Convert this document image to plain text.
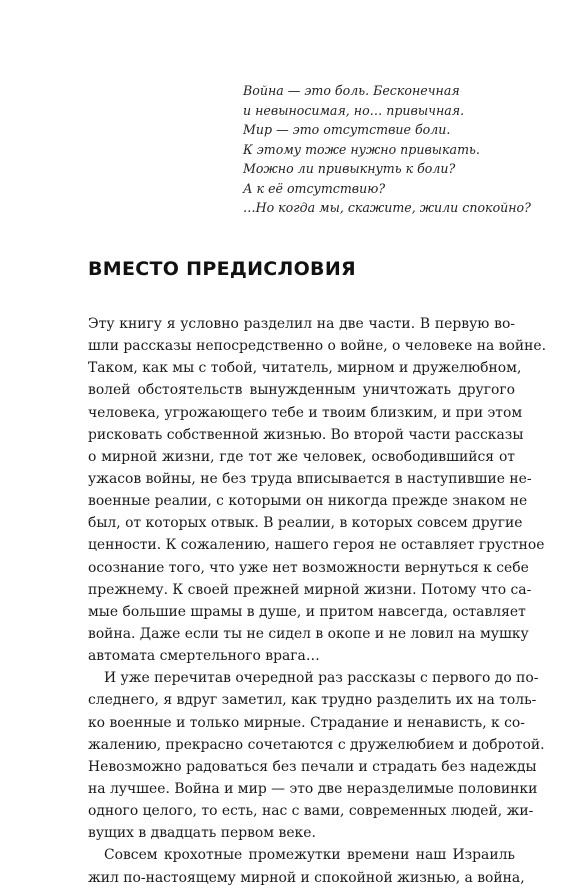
Война — это боль. Бесконечная
и невыносимая, но… привычная.
Мир — это отсутствие боли.
К этому тоже нужно привыкать.
Можно ли привыкнуть к боли?
А к её отсутствию?
…Но когда мы, скажите, жили спокойно?
ВМЕСТО ПРЕДИСЛОВИЯ
Эту книгу я условно разделил на две части. В первую во-
шли рассказы непосредственно о войне, о человеке на войне.
Таком, как мы с тобой, читатель, мирном и дружелюбном,
волей обстоятельств вынужденным уничтожать другого
человека, угрожающего тебе и твоим близким, и при этом
рисковать собственной жизнью. Во второй части рассказы
о мирной жизни, где тот же человек, освободившийся от
ужасов войны, не без труда вписывается в наступившие не-
военные реалии, с которыми он никогда прежде знаком не
был, от которых отвык. В реалии, в которых совсем другие
ценности. К сожалению, нашего героя не оставляет грустное
осознание того, что уже нет возможности вернуться к себе
прежнему. К своей прежней мирной жизни. Потому что са-
мые большие шрамы в душе, и притом навсегда, оставляет
война. Даже если ты не сидел в окопе и не ловил на мушку
автомата смертельного врага…
И уже перечитав очередной раз рассказы с первого до по-
следнего, я вдруг заметил, как трудно разделить их на толь-
ко военные и только мирные. Страдание и ненависть, к со-
жалению, прекрасно сочетаются с дружелюбием и добротой.
Невозможно радоваться без печали и страдать без надежды
на лучшее. Война и мир — это две неразделимые половинки
одного целого, то есть, нас с вами, современных людей, жи-
вущих в двадцать первом веке.
Совсем крохотные промежутки времени наш Израиль
жил по-настоящему мирной и спокойной жизнью, а война,
